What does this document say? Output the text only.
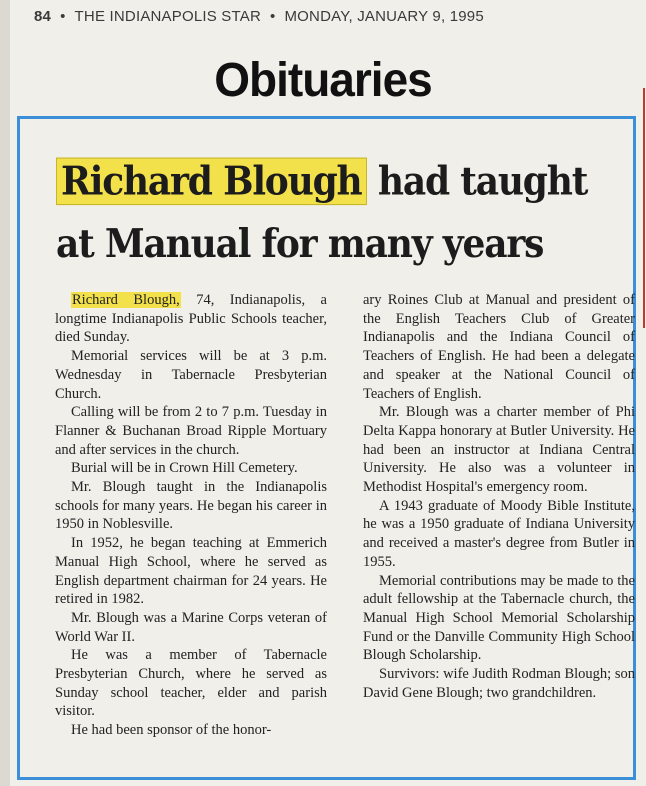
84 • THE INDIANAPOLIS STAR • MONDAY, JANUARY 9, 1995
Obituaries
Richard Blough had taught
at Manual for many years

Richard Blough, 74, Indianapolis, a longtime Indianapolis Public Schools teacher, died Sunday.

Memorial services will be at 3 p.m. Wednesday in Tabernacle Presbyterian Church.

Calling will be from 2 to 7 p.m. Tuesday in Flanner & Buchanan Broad Ripple Mortuary and after services in the church.

Burial will be in Crown Hill Cemetery.

Mr. Blough taught in the Indianapolis schools for many years. He began his career in 1950 in Noblesville.

In 1952, he began teaching at Emmerich Manual High School, where he served as English department chairman for 24 years. He retired in 1982.

Mr. Blough was a Marine Corps veteran of World War II.

He was a member of Tabernacle Presbyterian Church, where he served as Sunday school teacher, elder and parish visitor.

He had been sponsor of the honor-

ary Roines Club at Manual and president of the English Teachers Club of Greater Indianapolis and the Indiana Council of Teachers of English. He had been a delegate and speaker at the National Council of Teachers of English.

Mr. Blough was a charter member of Phi Delta Kappa honorary at Butler University. He had been an instructor at Indiana Central University. He also was a volunteer in Methodist Hospital's emergency room.

A 1943 graduate of Moody Bible Institute, he was a 1950 graduate of Indiana University and received a master's degree from Butler in 1955.

Memorial contributions may be made to the adult fellowship at the Tabernacle church, the Manual High School Memorial Scholarship Fund or the Danville Community High School Blough Scholarship.

Survivors: wife Judith Rodman Blough; son David Gene Blough; two grandchildren.
